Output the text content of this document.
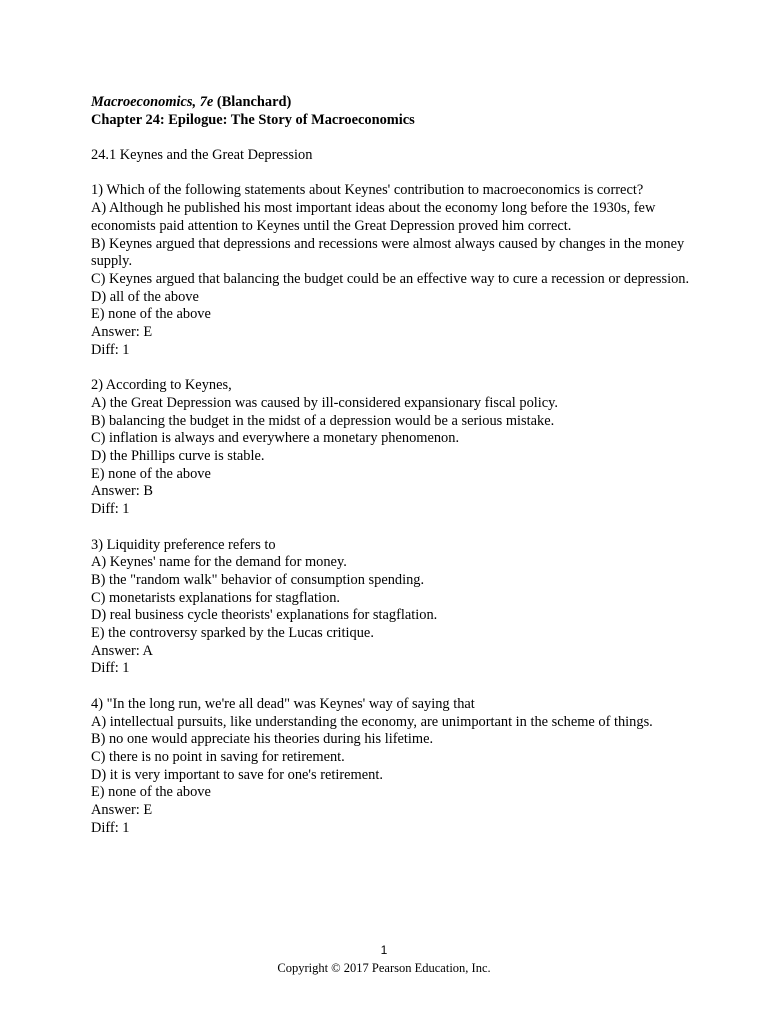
Macroeconomics, 7e (Blanchard)
Chapter 24: Epilogue: The Story of Macroeconomics
24.1 Keynes and the Great Depression
1) Which of the following statements about Keynes' contribution to macroeconomics is correct?
A) Although he published his most important ideas about the economy long before the 1930s, few economists paid attention to Keynes until the Great Depression proved him correct.
B) Keynes argued that depressions and recessions were almost always caused by changes in the money supply.
C) Keynes argued that balancing the budget could be an effective way to cure a recession or depression.
D) all of the above
E) none of the above
Answer: E
Diff: 1
2) According to Keynes,
A) the Great Depression was caused by ill-considered expansionary fiscal policy.
B) balancing the budget in the midst of a depression would be a serious mistake.
C) inflation is always and everywhere a monetary phenomenon.
D) the Phillips curve is stable.
E) none of the above
Answer: B
Diff: 1
3) Liquidity preference refers to
A) Keynes' name for the demand for money.
B) the "random walk" behavior of consumption spending.
C) monetarists explanations for stagflation.
D) real business cycle theorists' explanations for stagflation.
E) the controversy sparked by the Lucas critique.
Answer: A
Diff: 1
4) "In the long run, we're all dead" was Keynes' way of saying that
A) intellectual pursuits, like understanding the economy, are unimportant in the scheme of things.
B) no one would appreciate his theories during his lifetime.
C) there is no point in saving for retirement.
D) it is very important to save for one's retirement.
E) none of the above
Answer: E
Diff: 1
1
Copyright © 2017 Pearson Education, Inc.
